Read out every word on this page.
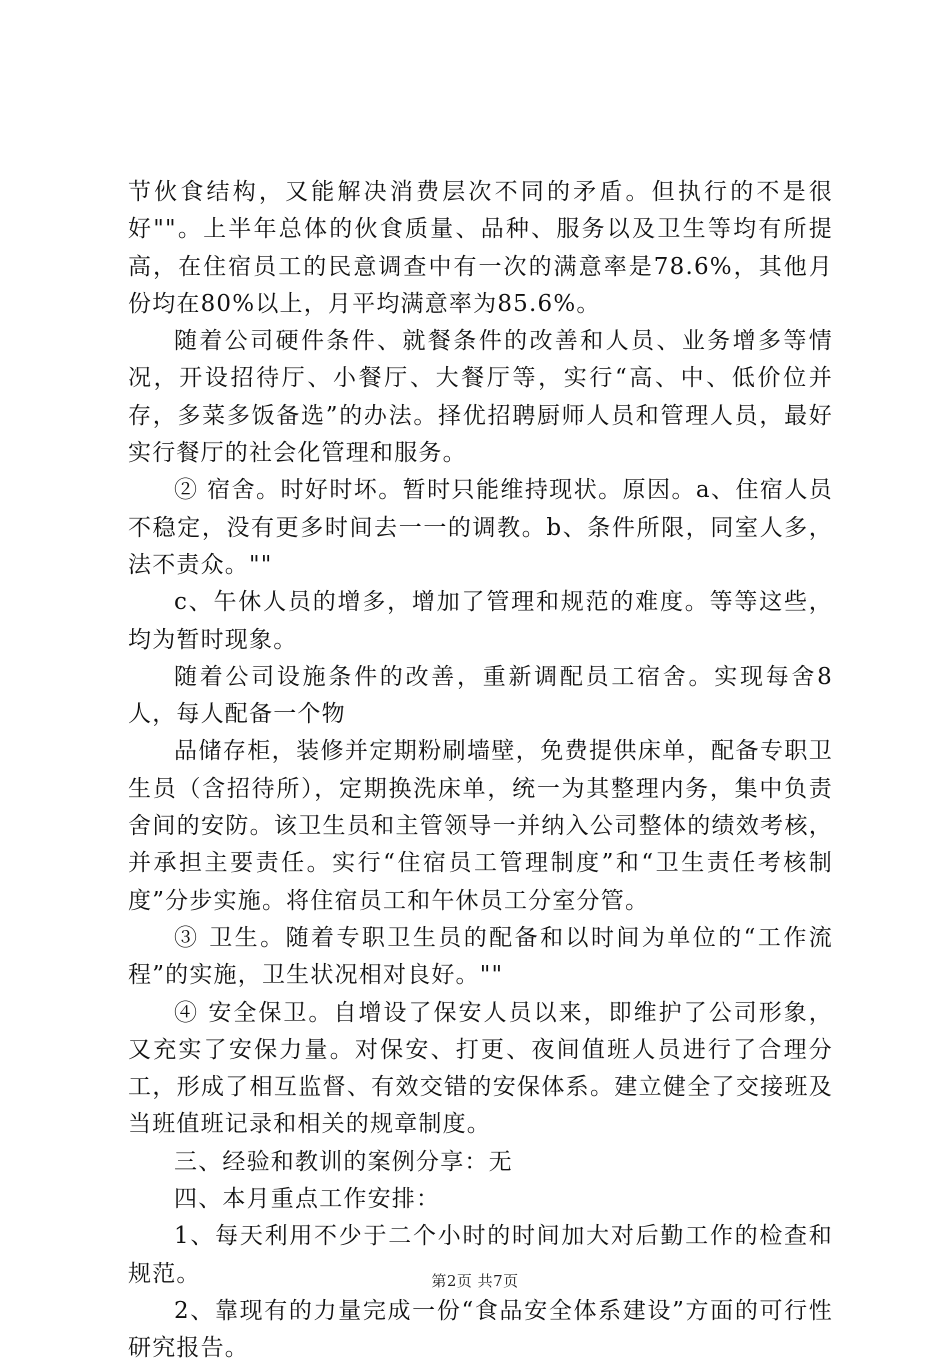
节伙食结构，又能解决消费层次不同的矛盾。但执行的不是很好""。上半年总体的伙食质量、品种、服务以及卫生等均有所提高，在住宿员工的民意调查中有一次的满意率是78.6%，其他月份均在80%以上，月平均满意率为85.6%。

随着公司硬件条件、就餐条件的改善和人员、业务增多等情况，开设招待厅、小餐厅、大餐厅等，实行“高、中、低价位并存，多菜多饭备选”的办法。择优招聘厨师人员和管理人员，最好实行餐厅的社会化管理和服务。

② 宿舍。时好时坏。暂时只能维持现状。原因。a、住宿人员不稳定，没有更多时间去一一的调教。b、条件所限，同室人多，法不责众。""

c、午休人员的增多，增加了管理和规范的难度。等等这些，均为暂时现象。

随着公司设施条件的改善，重新调配员工宿舍。实现每舍8人，每人配备一个物

品储存柜，装修并定期粉刷墙壁，免费提供床单，配备专职卫生员（含招待所），定期换洗床单，统一为其整理内务，集中负责舍间的安防。该卫生员和主管领导一并纳入公司整体的绩效考核，并承担主要责任。实行“住宿员工管理制度”和“卫生责任考核制度”分步实施。将住宿员工和午休员工分室分管。

③ 卫生。随着专职卫生员的配备和以时间为单位的“工作流程”的实施，卫生状况相对良好。""

④ 安全保卫。自增设了保安人员以来，即维护了公司形象，又充实了安保力量。对保安、打更、夜间值班人员进行了合理分工，形成了相互监督、有效交错的安保体系。建立健全了交接班及当班值班记录和相关的规章制度。

三、经验和教训的案例分享：无

四、本月重点工作安排：

1、每天利用不少于二个小时的时间加大对后勤工作的检查和规范。

2、靠现有的力量完成一份“食品安全体系建设”方面的可行性研究报告。

第2页 共7页
